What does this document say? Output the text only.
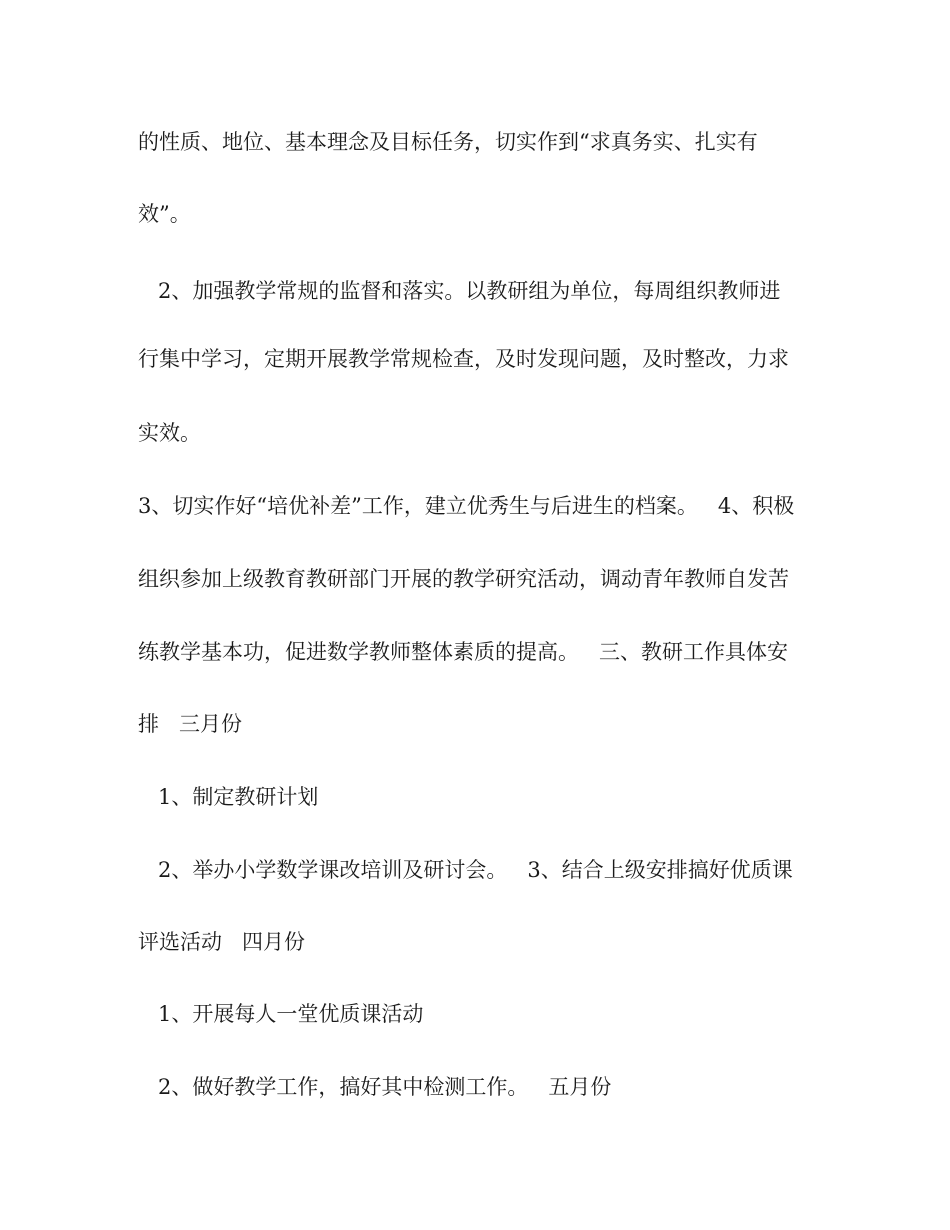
的性质、地位、基本理念及目标任务，切实作到“求真务实、扎实有

效”。

2、加强教学常规的监督和落实。以教研组为单位，每周组织教师进

行集中学习，定期开展教学常规检查，及时发现问题，及时整改，力求

实效。

3、切实作好“培优补差”工作，建立优秀生与后进生的档案。   4、积极

组织参加上级教育教研部门开展的教学研究活动，调动青年教师自发苦

练教学基本功，促进数学教师整体素质的提高。   三、教研工作具体安

排   三月份

1、制定教研计划

2、举办小学数学课改培训及研讨会。   3、结合上级安排搞好优质课

评选活动   四月份

1、开展每人一堂优质课活动

2、做好教学工作，搞好其中检测工作。   五月份
